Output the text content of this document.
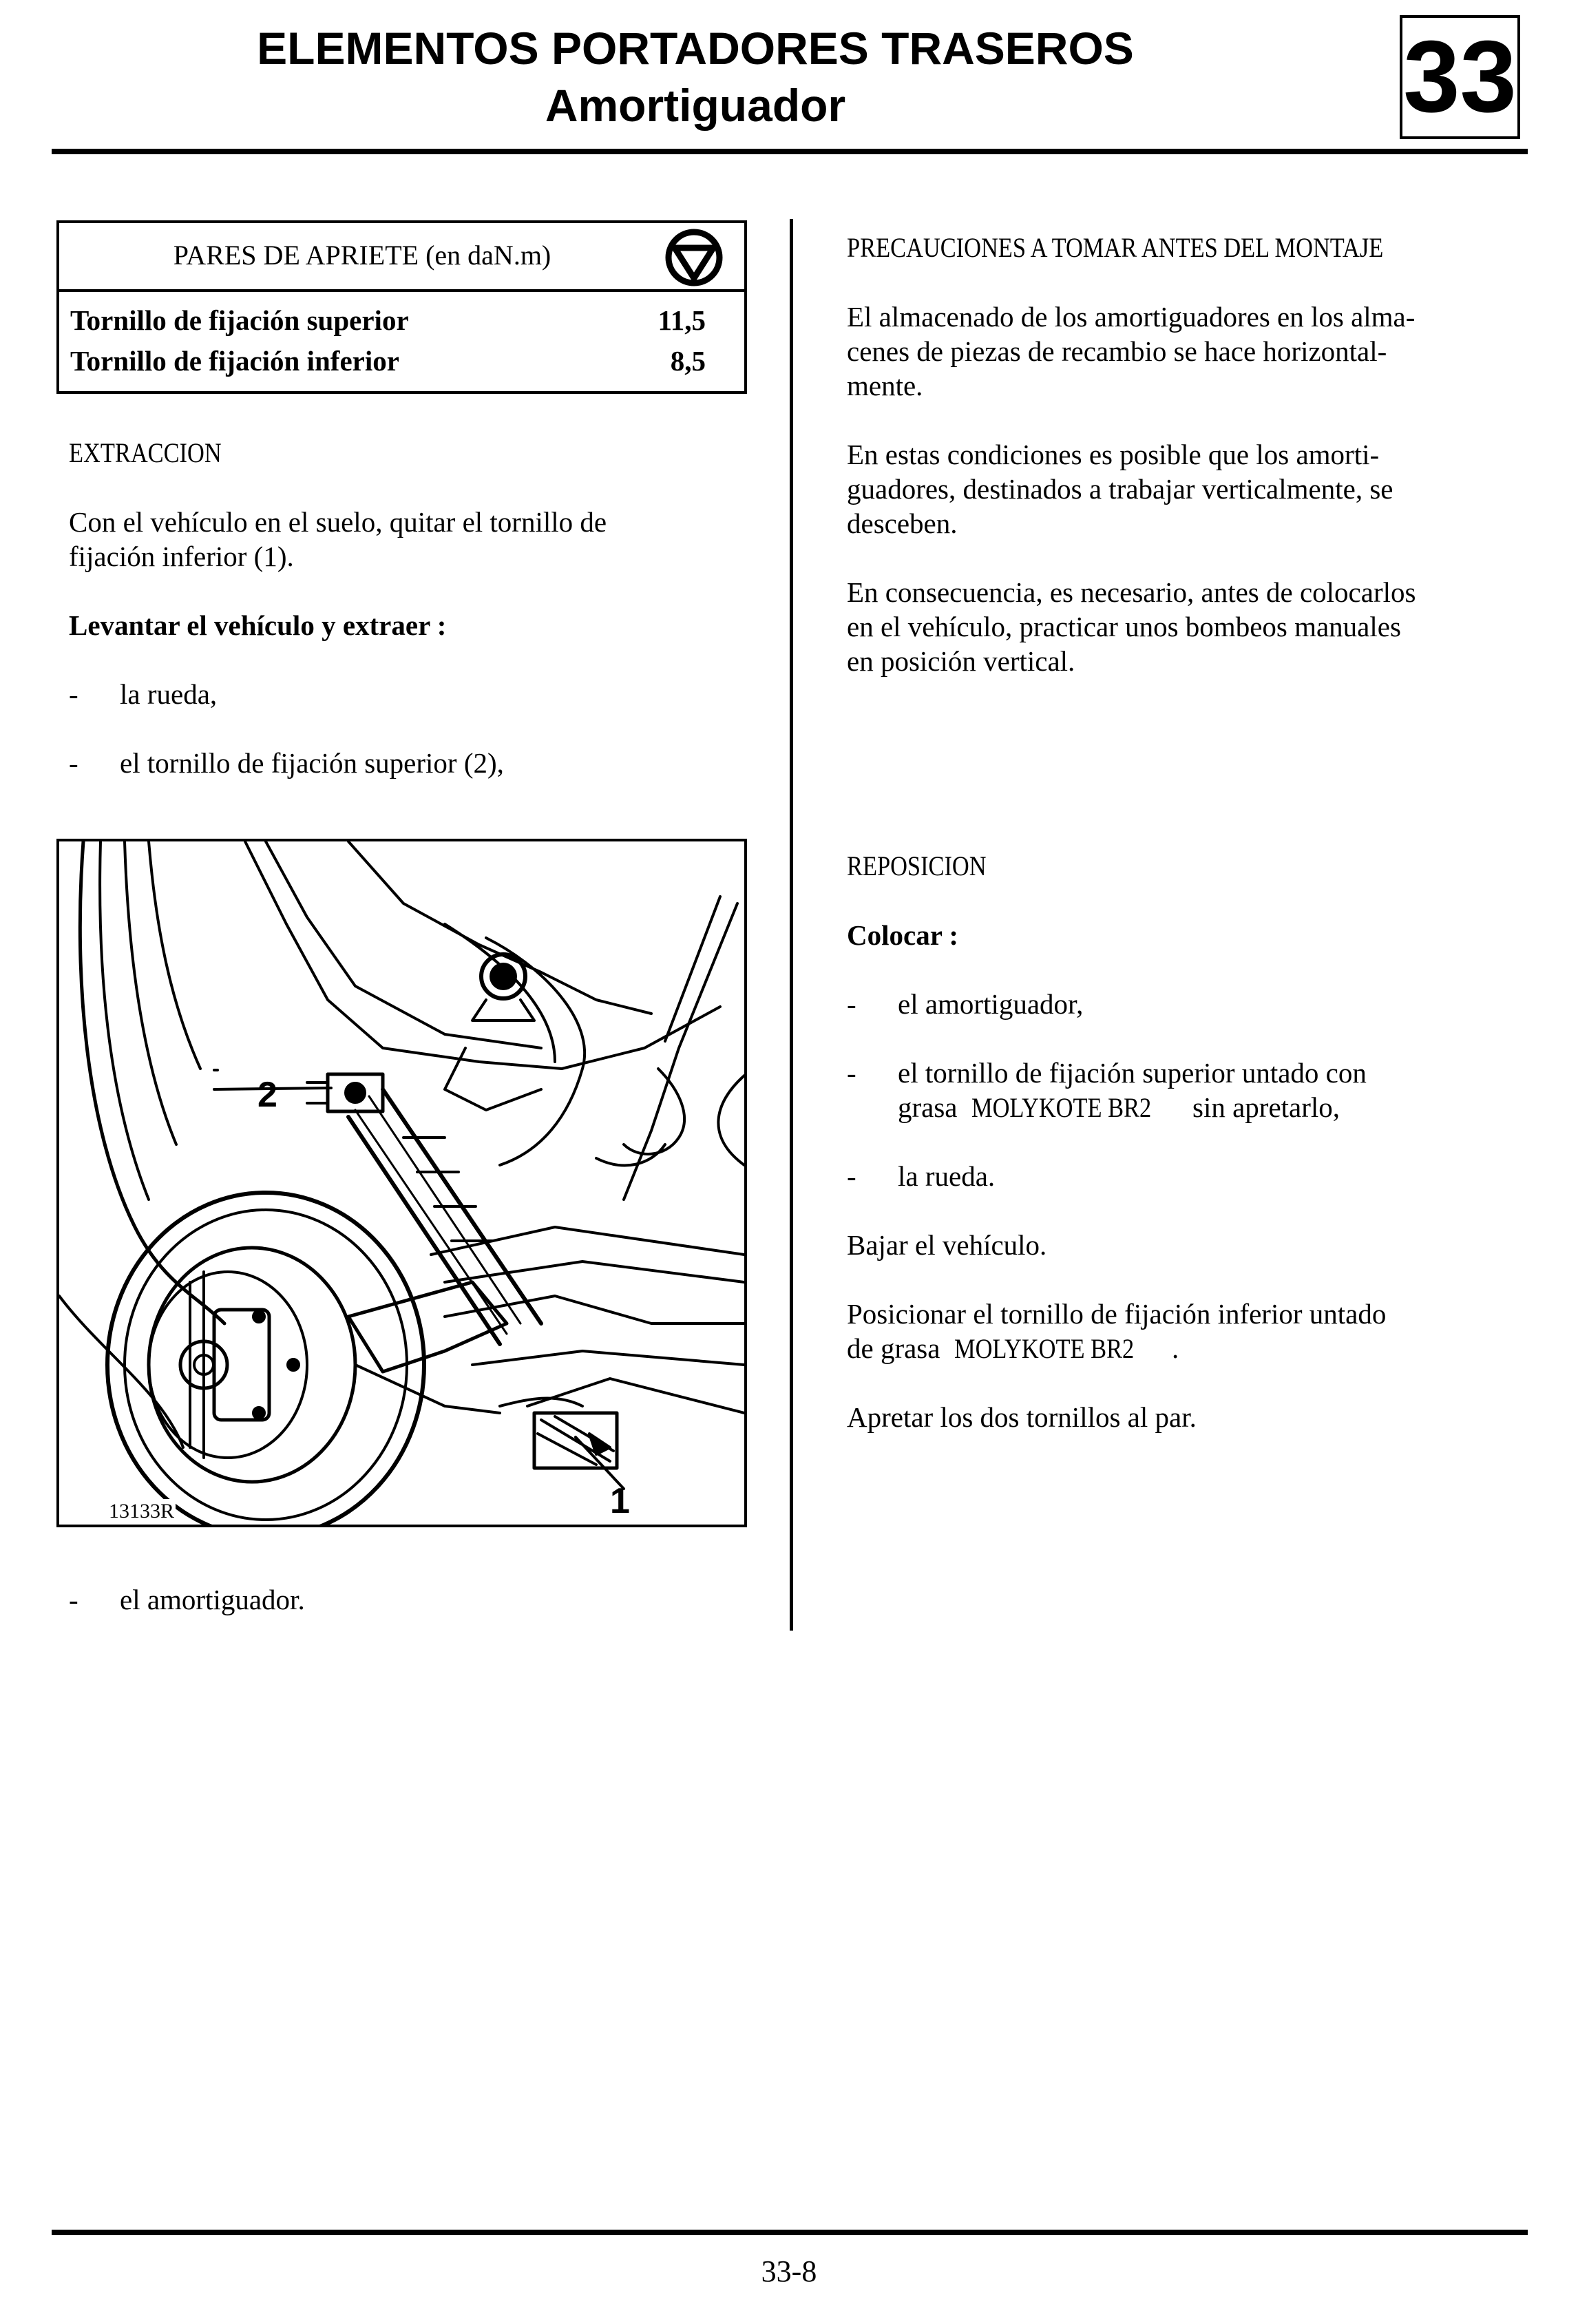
ELEMENTOS PORTADORES TRASEROS
Amortiguador	33
PARES DE APRIETE (en daN.m)
Tornillo de fijación superior	11,5
Tornillo de fijación inferior	8,5
EXTRACCION
Con el vehículo en el suelo, quitar el tornillo de
fijación inferior (1).
Levantar el vehículo y extraer :
- la rueda,
- el tornillo de fijación superior (2),
2
1
13133R
- el amortiguador.
PRECAUCIONES A TOMAR ANTES DEL MONTAJE
El almacenado de los amortiguadores en los alma-
cenes de piezas de recambio se hace horizontal-
mente.
En estas condiciones es posible que los amorti-
guadores, destinados a trabajar verticalmente, se
desceben.
En consecuencia, es necesario, antes de colocarlos
en el vehículo, practicar unos bombeos manuales
en posición vertical.
REPOSICION
Colocar :
- el amortiguador,
- el tornillo de fijación superior untado con
grasa MOLYKOTE BR2	sin apretarlo,
- la rueda.
Bajar el vehículo.
Posicionar el tornillo de fijación inferior untado
de grasa MOLYKOTE BR2	.
Apretar los dos tornillos al par.
33-8
